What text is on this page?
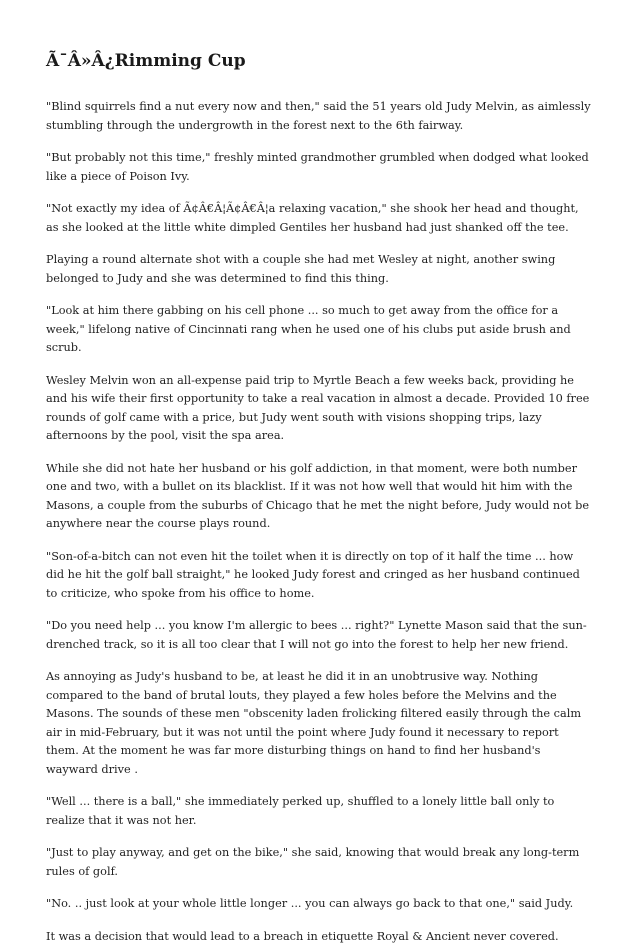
Ã¯Â»Â¿Rimming Cup

"Blind squirrels find a nut every now and then," said the 51 years old Judy Melvin, as aimlessly stumbling through the undergrowth in the forest next to the 6th fairway.

"But probably not this time," freshly minted grandmother grumbled when dodged what looked like a piece of Poison Ivy.

"Not exactly my idea of Ã¢Â€Â¦Ã¢Â€Â¦a relaxing vacation," she shook her head and thought, as she looked at the little white dimpled Gentiles her husband had just shanked off the tee.

Playing a round alternate shot with a couple she had met Wesley at night, another swing belonged to Judy and she was determined to find this thing.

"Look at him there gabbing on his cell phone ... so much to get away from the office for a week," lifelong native of Cincinnati rang when he used one of his clubs put aside brush and scrub.

Wesley Melvin won an all-expense paid trip to Myrtle Beach a few weeks back, providing he and his wife their first opportunity to take a real vacation in almost a decade. Provided 10 free rounds of golf came with a price, but Judy went south with visions shopping trips, lazy afternoons by the pool, visit the spa area.

While she did not hate her husband or his golf addiction, in that moment, were both number one and two, with a bullet on its blacklist. If it was not how well that would hit him with the Masons, a couple from the suburbs of Chicago that he met the night before, Judy would not be anywhere near the course plays round.

"Son-of-a-bitch can not even hit the toilet when it is directly on top of it half the time ... how did he hit the golf ball straight," he looked Judy forest and cringed as her husband continued to criticize, who spoke from his office to home.

"Do you need help ... you know I'm allergic to bees ... right?" Lynette Mason said that the sun-drenched track, so it is all too clear that I will not go into the forest to help her new friend.

As annoying as Judy's husband to be, at least he did it in an unobtrusive way. Nothing compared to the band of brutal louts, they played a few holes before the Melvins and the Masons. The sounds of these men "obscenity laden frolicking filtered easily through the calm air in mid-February, but it was not until the point where Judy found it necessary to report them. At the moment he was far more disturbing things on hand to find her husband's wayward drive .

"Well ... there is a ball," she immediately perked up, shuffled to a lonely little ball only to realize that it was not her.

"Just to play anyway, and get on the bike," she said, knowing that would break any long-term rules of golf.

"No. .. just look at your whole little longer ... you can always go back to that one," said Judy.

It was a decision that would lead to a breach in etiquette Royal & Ancient never covered.
